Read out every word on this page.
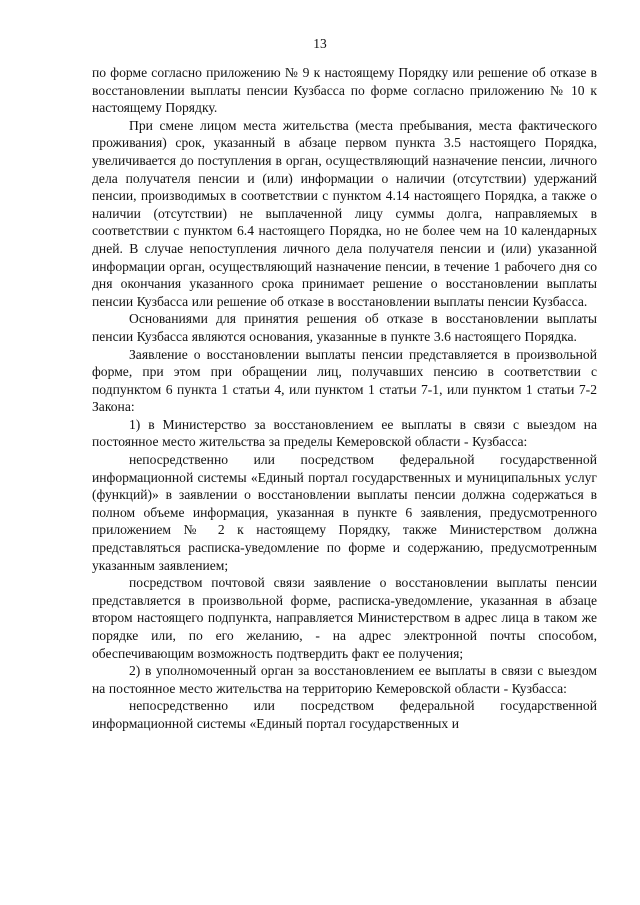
13

по форме согласно приложению № 9 к настоящему Порядку или решение об отказе в восстановлении выплаты пенсии Кузбасса по форме согласно приложению № 10 к настоящему Порядку.

При смене лицом места жительства (места пребывания, места фактического проживания) срок, указанный в абзаце первом пункта 3.5 настоящего Порядка, увеличивается до поступления в орган, осуществляющий назначение пенсии, личного дела получателя пенсии и (или) информации о наличии (отсутствии) удержаний пенсии, производимых в соответствии с пунктом 4.14 настоящего Порядка, а также о наличии (отсутствии) не выплаченной лицу суммы долга, направляемых в соответствии с пунктом 6.4 настоящего Порядка, но не более чем на 10 календарных дней. В случае непоступления личного дела получателя пенсии и (или) указанной информации орган, осуществляющий назначение пенсии, в течение 1 рабочего дня со дня окончания указанного срока принимает решение о восстановлении выплаты пенсии Кузбасса или решение об отказе в восстановлении выплаты пенсии Кузбасса.

Основаниями для принятия решения об отказе в восстановлении выплаты пенсии Кузбасса являются основания, указанные в пункте 3.6 настоящего Порядка.

Заявление о восстановлении выплаты пенсии представляется в произвольной форме, при этом при обращении лиц, получавших пенсию в соответствии с подпунктом 6 пункта 1 статьи 4, или пунктом 1 статьи 7-1, или пунктом 1 статьи 7-2 Закона:

1) в Министерство за восстановлением ее выплаты в связи с выездом на постоянное место жительства за пределы Кемеровской области - Кузбасса:

непосредственно или посредством федеральной государственной информационной системы «Единый портал государственных и муниципальных услуг (функций)» в заявлении о восстановлении выплаты пенсии должна содержаться в полном объеме информация, указанная в пункте 6 заявления, предусмотренного приложением № 2 к настоящему Порядку, также Министерством должна представляться расписка-уведомление по форме и содержанию, предусмотренным указанным заявлением;

посредством почтовой связи заявление о восстановлении выплаты пенсии представляется в произвольной форме, расписка-уведомление, указанная в абзаце втором настоящего подпункта, направляется Министерством в адрес лица в таком же порядке или, по его желанию, - на адрес электронной почты способом, обеспечивающим возможность подтвердить факт ее получения;

2) в уполномоченный орган за восстановлением ее выплаты в связи с выездом на постоянное место жительства на территорию Кемеровской области - Кузбасса:

непосредственно или посредством федеральной государственной информационной системы «Единый портал государственных и
